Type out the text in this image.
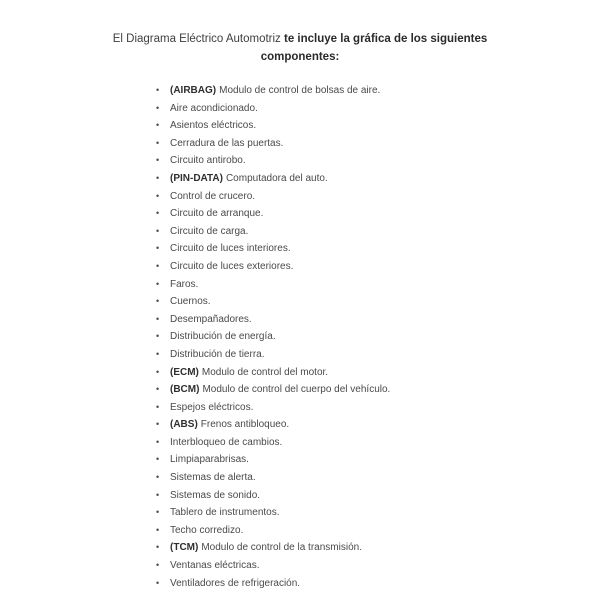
El Diagrama Eléctrico Automotriz te incluye la gráfica de los siguientes componentes:
• (AIRBAG) Modulo de control de bolsas de aire.
• Aire acondicionado.
• Asientos eléctricos.
• Cerradura de las puertas.
• Circuito antirobo.
• (PIN-DATA) Computadora del auto.
• Control de crucero.
• Circuito de arranque.
• Circuito de carga.
• Circuito de luces interiores.
• Circuito de luces exteriores.
• Faros.
• Cuernos.
• Desempañadores.
• Distribución de energía.
• Distribución de tierra.
• (ECM) Modulo de control del motor.
• (BCM) Modulo de control del cuerpo del vehículo.
• Espejos eléctricos.
• (ABS) Frenos antibloqueo.
• Interbloqueo de cambios.
• Limpiaparabrisas.
• Sistemas de alerta.
• Sistemas de sonido.
• Tablero de instrumentos.
• Techo corredizo.
• (TCM) Modulo de control de la transmisión.
• Ventanas eléctricas.
• Ventiladores de refrigeración.
